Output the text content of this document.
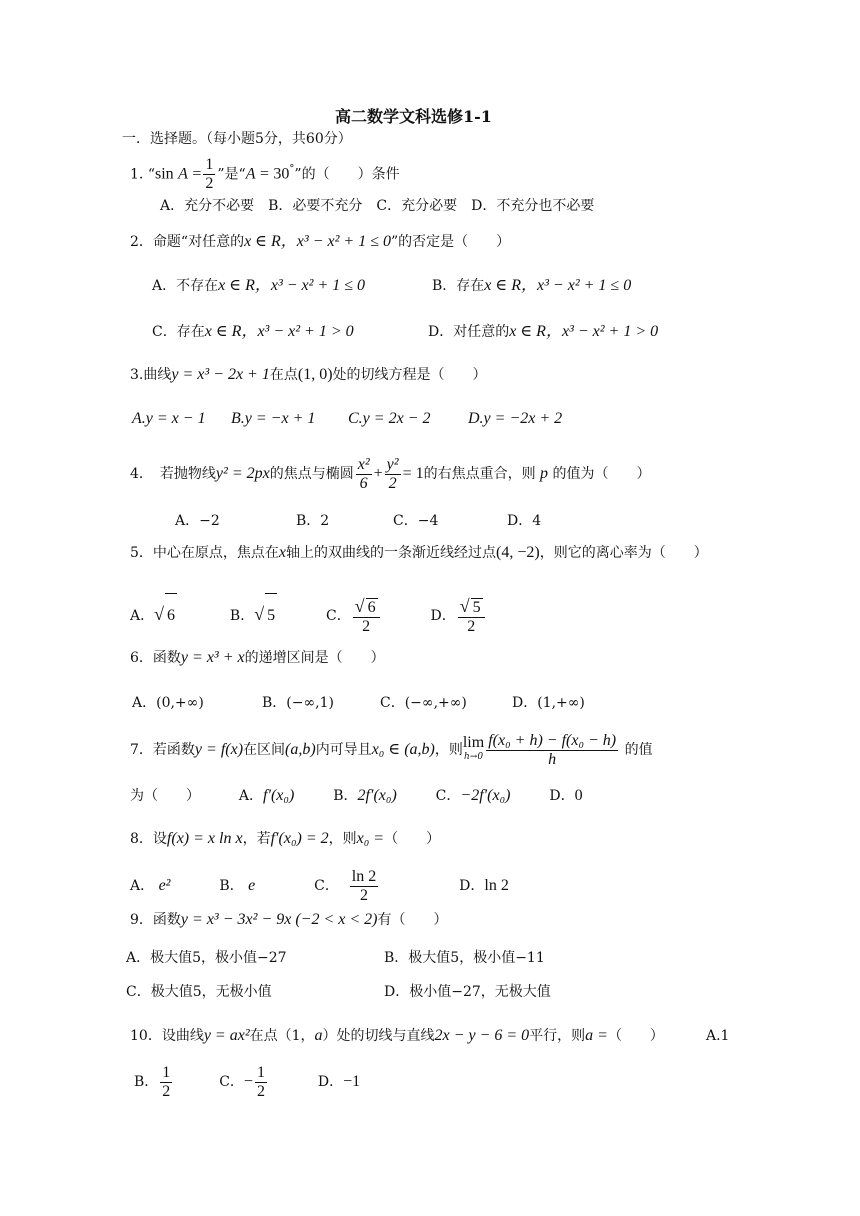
高二数学文科选修1-1
一．选择题。（每小题5分，共60分）
1. “sin $A = \frac{1}{2}$ ”是“A = 30°”的（　　）条件
A．充分不必要　B．必要不充分　C．充分必要　D．不充分也不必要
2．命题“对任意的x ∈ R，x³ − x² + 1 ≤ 0”的否定是（　　）
A．不存在x ∈ R，x³ − x² + 1 ≤ 0	B．存在x ∈ R，x³ − x² + 1 ≤ 0
C．存在x ∈ R，x³ − x² + 1 > 0	D．对任意的x ∈ R，x³ − x² + 1 > 0
3.曲线y = x³ − 2x + 1在点(1, 0)处的切线方程是（　　）
A.y = x − 1 B.y = −x + 1 C.y = 2x − 2 D.y = −2x + 2
4．　若抛物线y² = 2px的焦点与椭圆 $\frac{\text{x²}}{6} + \frac{\text{y²}}{2} = 1$的右焦点重合，则 p 的值为（　　）
A．−2	B．2	C．−4	D．4
5．中心在原点，焦点在x轴上的双曲线的一条渐近线经过点(4, −2)，则它的离心率为（　　）
A．√ 6	B．√ 5	C． $\frac{√ 6}{2}$	D． $\frac{√ 5}{2}$
6．函数y = x³ + x的递增区间是（　　）
A．(0,+∞)	B．(−∞,1)	C．(−∞,+∞)	D．(1,+∞)
7．若函数y = f(x)在区间(a,b)内可导且x₀ ∈ (a,b)，则 lim
$h\to 0 \frac{\text{f(x₀ + h) − f(x₀ − h)}}{h}$ 的值
为（　　）	A．f′(x₀)	B．2f′(x₀)	C．−2f′(x₀)	D．0
8．设f(x) = x ln x，若f′(x₀) = 2，则x₀ =（　　）
A． e²	B． e	C． $\frac{\ln 2}{2}$	D．ln 2
9．函数y = x³ − 3x² − 9x (−2 < x < 2)有（　　）
A．极大值5，极小值−27	B．极大值5，极小值−11
C．极大值5，无极小值	D．极小值−27，无极大值
10．设曲线y = ax²在点（1，a）处的切线与直线2x − y − 6 = 0平行，则a =（　　）	A.1
B． $\frac{1}{2}$	C．− $\frac{1}{2}$	D．−1
